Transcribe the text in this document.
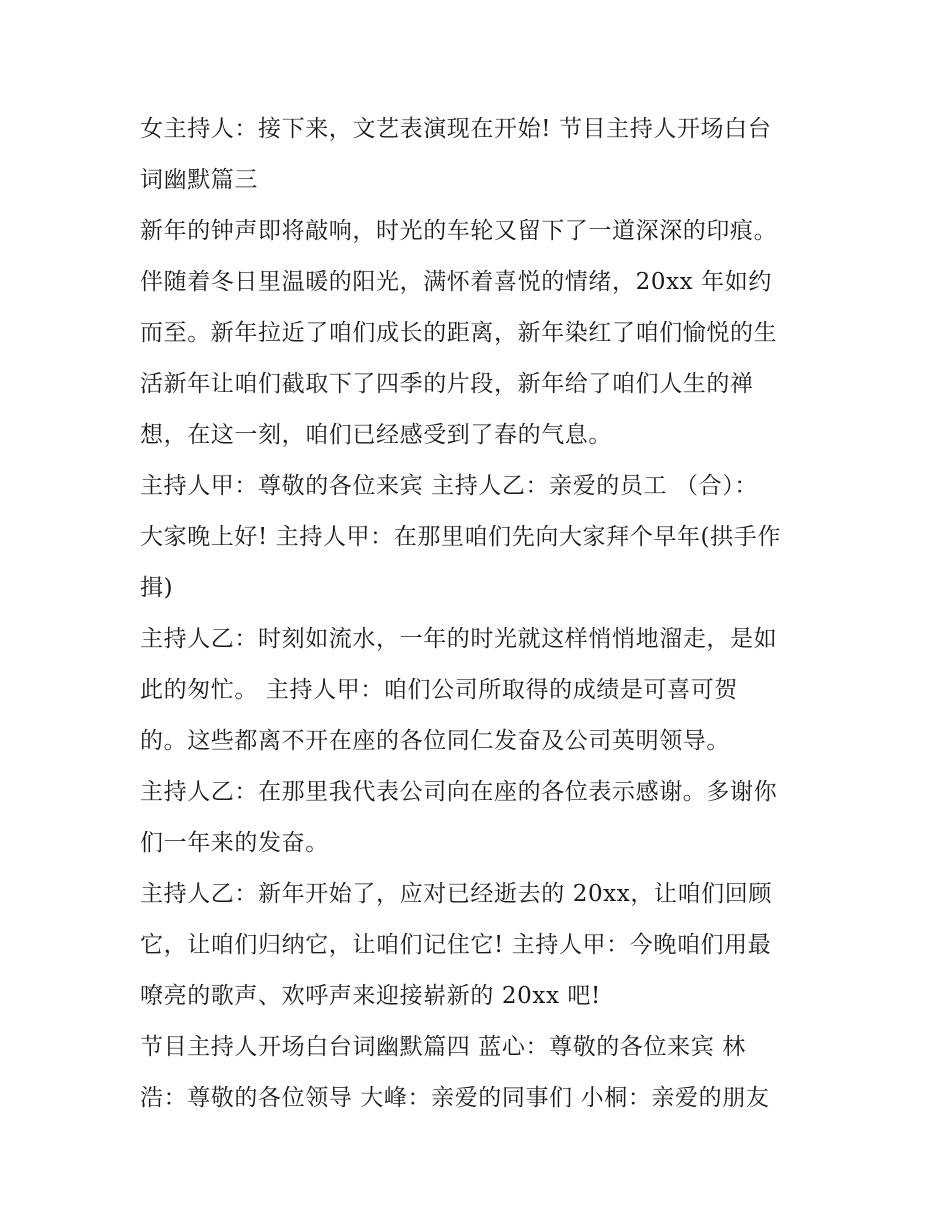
女主持人：接下来，文艺表演现在开始! 节目主持人开场白台
词幽默篇三
新年的钟声即将敲响，时光的车轮又留下了一道深深的印痕。
伴随着冬日里温暖的阳光，满怀着喜悦的情绪，20xx 年如约
而至。新年拉近了咱们成长的距离，新年染红了咱们愉悦的生
活新年让咱们截取下了四季的片段，新年给了咱们人生的禅
想，在这一刻，咱们已经感受到了春的气息。
主持人甲：尊敬的各位来宾 主持人乙：亲爱的员工 （合）：
大家晚上好! 主持人甲：在那里咱们先向大家拜个早年(拱手作
揖)
主持人乙：时刻如流水，一年的时光就这样悄悄地溜走，是如
此的匆忙。 主持人甲：咱们公司所取得的成绩是可喜可贺
的。这些都离不开在座的各位同仁发奋及公司英明领导。
主持人乙：在那里我代表公司向在座的各位表示感谢。多谢你
们一年来的发奋。
主持人乙：新年开始了，应对已经逝去的 20xx，让咱们回顾
它，让咱们归纳它，让咱们记住它! 主持人甲：今晚咱们用最
嘹亮的歌声、欢呼声来迎接崭新的 20xx 吧!
节目主持人开场白台词幽默篇四 蓝心：尊敬的各位来宾 林
浩：尊敬的各位领导 大峰：亲爱的同事们 小桐：亲爱的朋友
